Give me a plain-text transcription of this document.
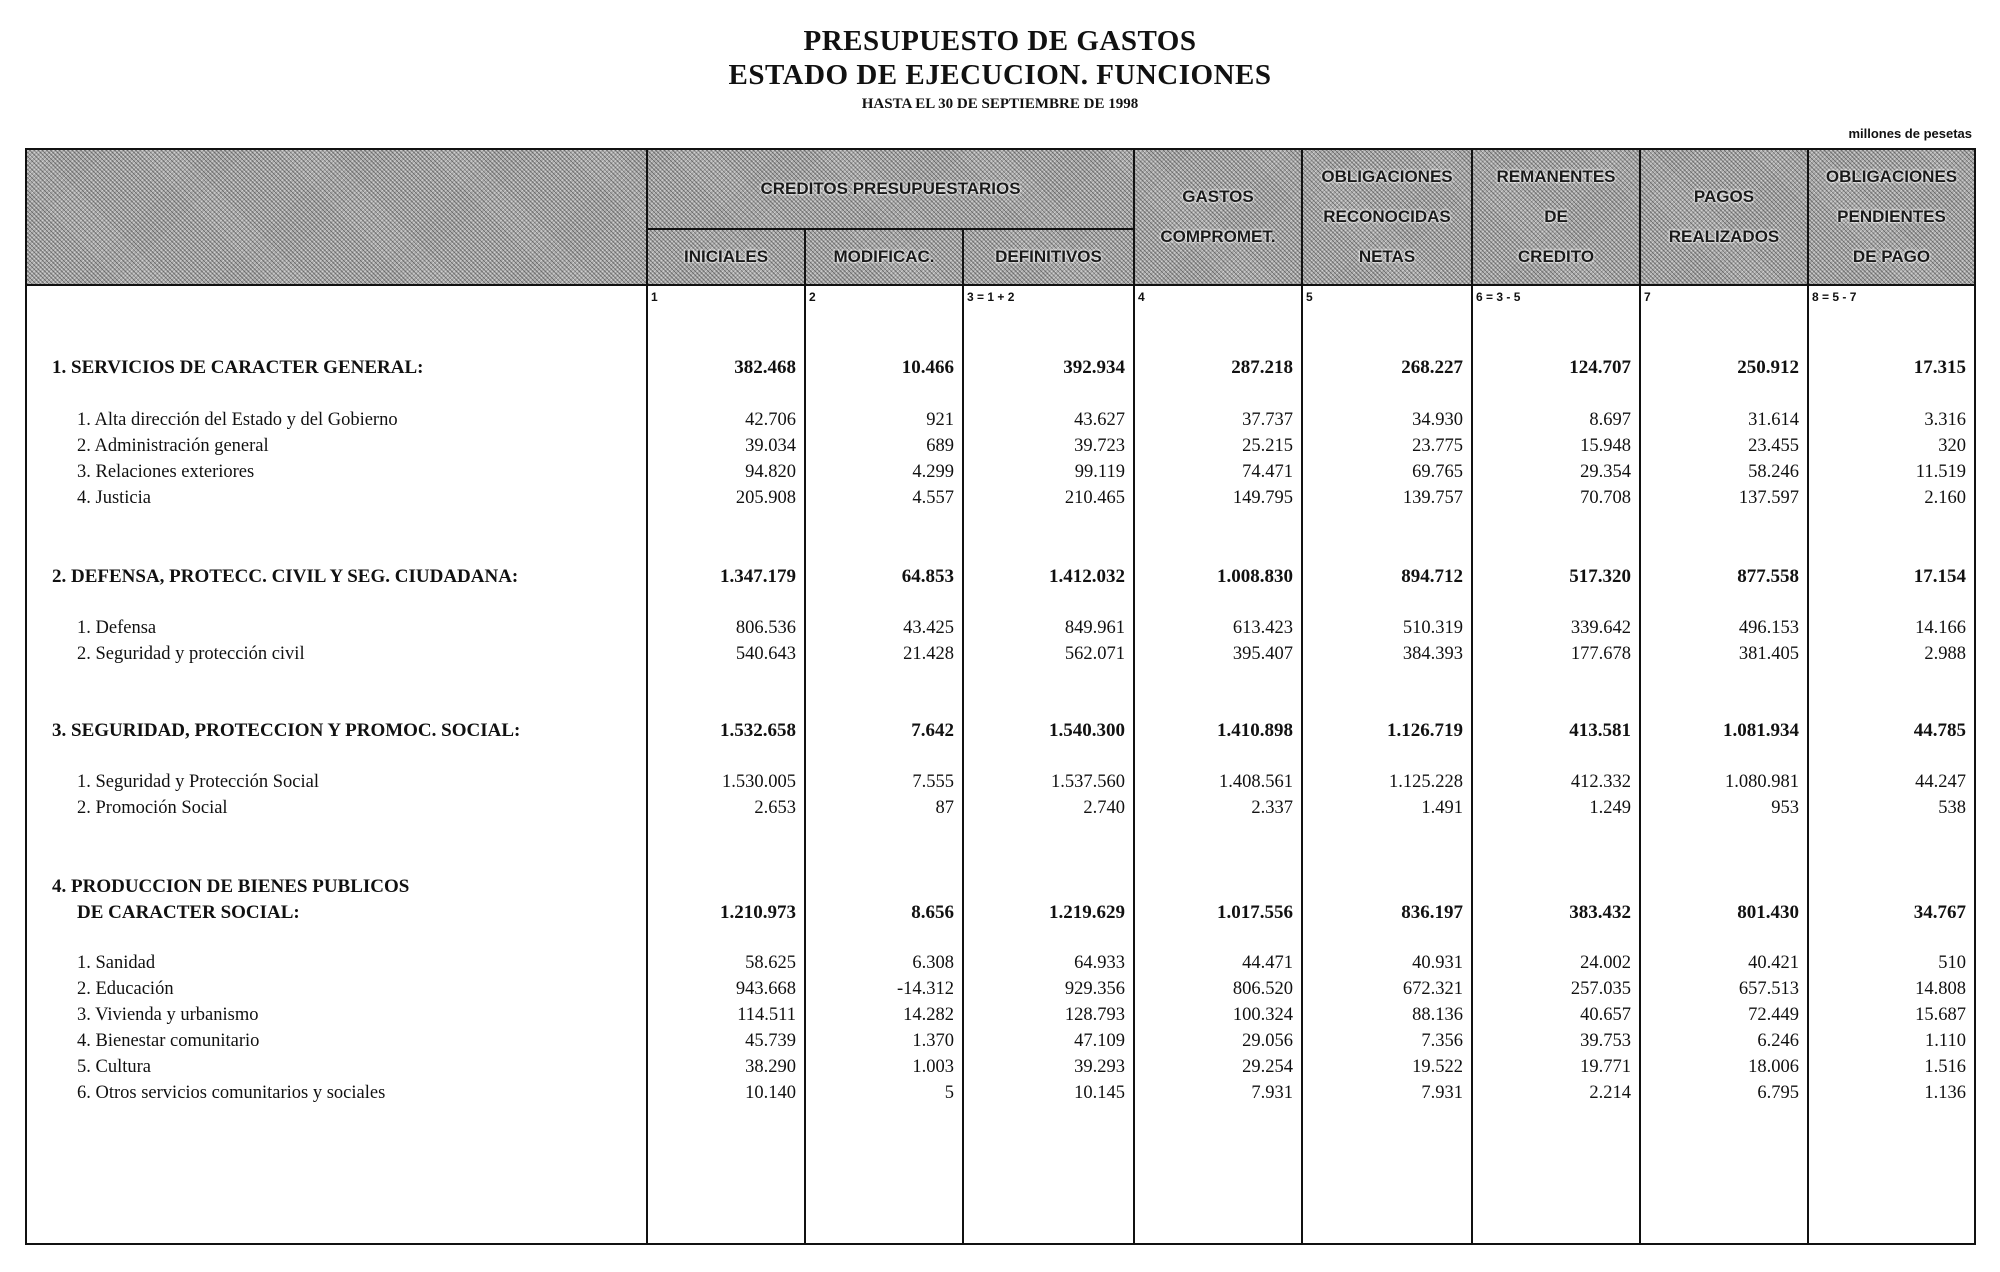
PRESUPUESTO DE GASTOS
ESTADO DE EJECUCION. FUNCIONES
HASTA EL 30 DE SEPTIEMBRE DE 1998
millones de pesetas
CREDITOS PRESUPUESTARIOS
INICIALES	MODIFICAC.	DEFINITIVOS
GASTOS
COMPROMET.
OBLIGACIONES
RECONOCIDAS
NETAS
REMANENTES
DE
CREDITO
PAGOS
REALIZADOS
OBLIGACIONES
PENDIENTES
DE PAGO
1	2	3 = 1 + 2	4	5	6 = 3 - 5	7	8 = 5 - 7
1. SERVICIOS DE CARACTER GENERAL:	382.468	10.466	392.934	287.218	268.227	124.707	250.912	17.315
1. Alta dirección del Estado y del Gobierno	42.706	921	43.627	37.737	34.930	8.697	31.614	3.316
2. Administración general	39.034	689	39.723	25.215	23.775	15.948	23.455	320
3. Relaciones exteriores	94.820	4.299	99.119	74.471	69.765	29.354	58.246	11.519
4. Justicia	205.908	4.557	210.465	149.795	139.757	70.708	137.597	2.160
2. DEFENSA, PROTECC. CIVIL Y SEG. CIUDADANA:	1.347.179	64.853	1.412.032	1.008.830	894.712	517.320	877.558	17.154
1. Defensa	806.536	43.425	849.961	613.423	510.319	339.642	496.153	14.166
2. Seguridad y protección civil	540.643	21.428	562.071	395.407	384.393	177.678	381.405	2.988
3. SEGURIDAD, PROTECCION Y PROMOC. SOCIAL:	1.532.658	7.642	1.540.300	1.410.898	1.126.719	413.581	1.081.934	44.785
1. Seguridad y Protección Social	1.530.005	7.555	1.537.560	1.408.561	1.125.228	412.332	1.080.981	44.247
2. Promoción Social	2.653	87	2.740	2.337	1.491	1.249	953	538
4. PRODUCCION DE BIENES PUBLICOS
DE CARACTER SOCIAL:	1.210.973	8.656	1.219.629	1.017.556	836.197	383.432	801.430	34.767
1. Sanidad	58.625	6.308	64.933	44.471	40.931	24.002	40.421	510
2. Educación	943.668	-14.312	929.356	806.520	672.321	257.035	657.513	14.808
3. Vivienda y urbanismo	114.511	14.282	128.793	100.324	88.136	40.657	72.449	15.687
4. Bienestar comunitario	45.739	1.370	47.109	29.056	7.356	39.753	6.246	1.110
5. Cultura	38.290	1.003	39.293	29.254	19.522	19.771	18.006	1.516
6. Otros servicios comunitarios y sociales	10.140	5	10.145	7.931	7.931	2.214	6.795	1.136
